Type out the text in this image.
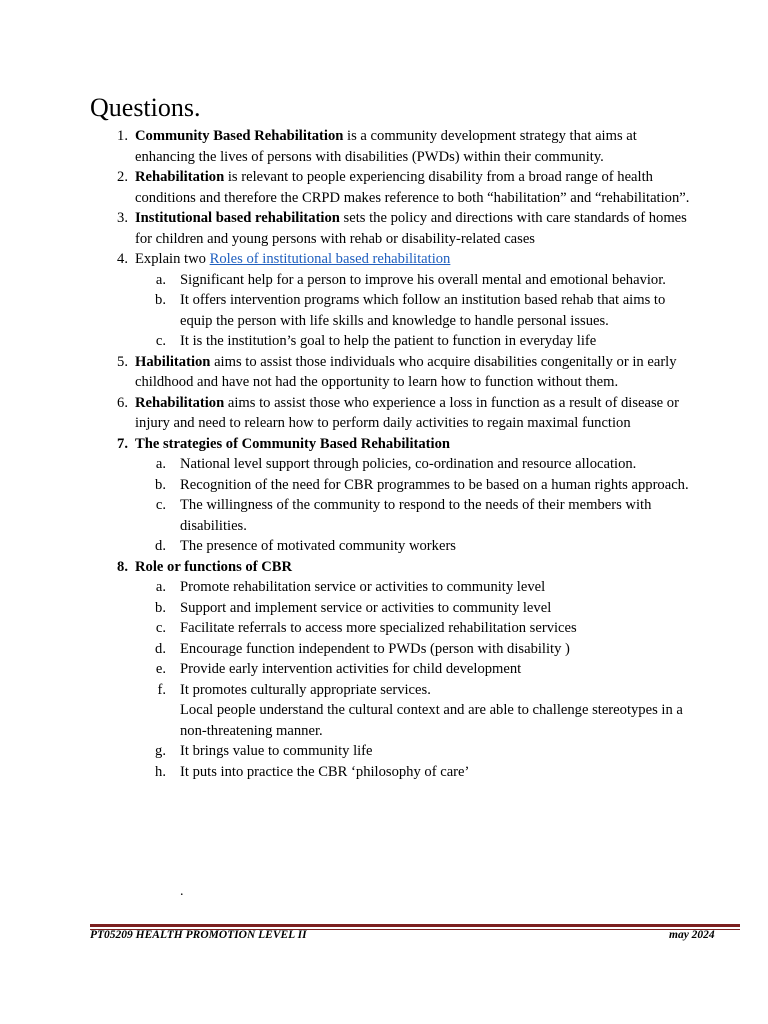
Questions.
1. Community Based Rehabilitation is a community development strategy that aims at enhancing the lives of persons with disabilities (PWDs) within their community.
2. Rehabilitation is relevant to people experiencing disability from a broad range of health conditions and therefore the CRPD makes reference to both “habilitation” and “rehabilitation”.
3. Institutional based rehabilitation sets the policy and directions with care standards of homes for children and young persons with rehab or disability-related cases
4. Explain two Roles of institutional based rehabilitation
a. Significant help for a person to improve his overall mental and emotional behavior.
b. It offers intervention programs which follow an institution based rehab that aims to equip the person with life skills and knowledge to handle personal issues.
c. It is the institution’s goal to help the patient to function in everyday life
5. Habilitation aims to assist those individuals who acquire disabilities congenitally or in early childhood and have not had the opportunity to learn how to function without them.
6. Rehabilitation aims to assist those who experience a loss in function as a result of disease or injury and need to relearn how to perform daily activities to regain maximal function
7. The strategies of Community Based Rehabilitation
a. National level support through policies, co-ordination and resource allocation.
b. Recognition of the need for CBR programmes to be based on a human rights approach.
c. The willingness of the community to respond to the needs of their members with disabilities.
d. The presence of motivated community workers
8. Role or functions of CBR
a. Promote rehabilitation service or activities to community level
b. Support and implement service or activities to community level
c. Facilitate referrals to access more specialized rehabilitation services
d. Encourage function independent to PWDs (person with disability )
e. Provide early intervention activities for child development
f. It promotes culturally appropriate services.
Local people understand the cultural context and are able to challenge stereotypes in a non-threatening manner.
g. It brings value to community life
h. It puts into practice the CBR ‘philosophy of care’
.
PT05209 HEALTH PROMOTION LEVEL II	may 2024
